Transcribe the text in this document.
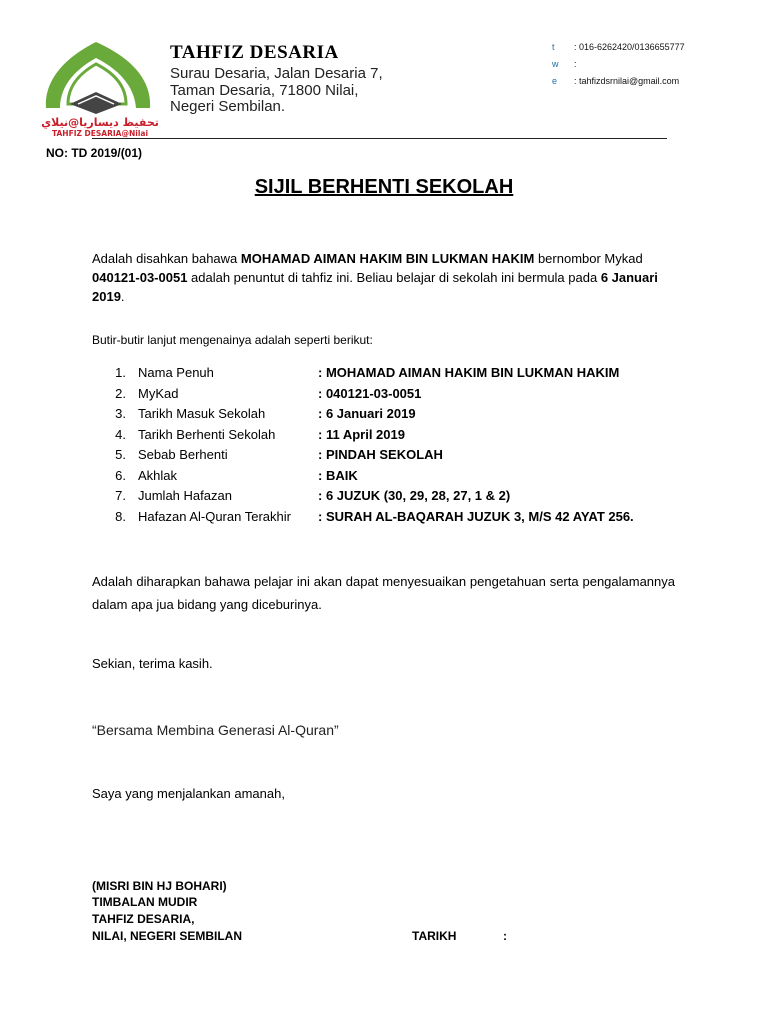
تحفيظ ديساريا@نيلاي
TAHFIZ DESARIA@Nilai
TAHFIZ DESARIA
Surau Desaria, Jalan Desaria 7,
Taman Desaria, 71800 Nilai,
Negeri Sembilan.
t : 016-6262420/0136655777
w :
e : tahfizdsrnilai@gmail.com
NO: TD 2019/(01)
SIJIL BERHENTI SEKOLAH
Adalah disahkan bahawa MOHAMAD AIMAN HAKIM BIN LUKMAN HAKIM bernombor Mykad 040121-03-0051 adalah penuntut di tahfiz ini. Beliau belajar di sekolah ini bermula pada 6 Januari 2019.
Butir-butir lanjut mengenainya adalah seperti berikut:
1. Nama Penuh	: MOHAMAD AIMAN HAKIM BIN LUKMAN HAKIM
2. MyKad	: 040121-03-0051
3. Tarikh Masuk Sekolah	: 6 Januari 2019
4. Tarikh Berhenti Sekolah	: 11 April 2019
5. Sebab Berhenti	: PINDAH SEKOLAH
6. Akhlak	: BAIK
7. Jumlah Hafazan	: 6 JUZUK (30, 29, 28, 27, 1 & 2)
8. Hafazan Al-Quran Terakhir : SURAH AL-BAQARAH JUZUK 3, M/S 42 AYAT 256.
Adalah diharapkan bahawa pelajar ini akan dapat menyesuaikan pengetahuan serta pengalamannya dalam apa jua bidang yang diceburinya.
Sekian, terima kasih.
“Bersama Membina Generasi Al-Quran”
Saya yang menjalankan amanah,
(MISRI BIN HJ BOHARI)
TIMBALAN MUDIR
TAHFIZ DESARIA,
NILAI, NEGERI SEMBILAN	TARIKH	:
